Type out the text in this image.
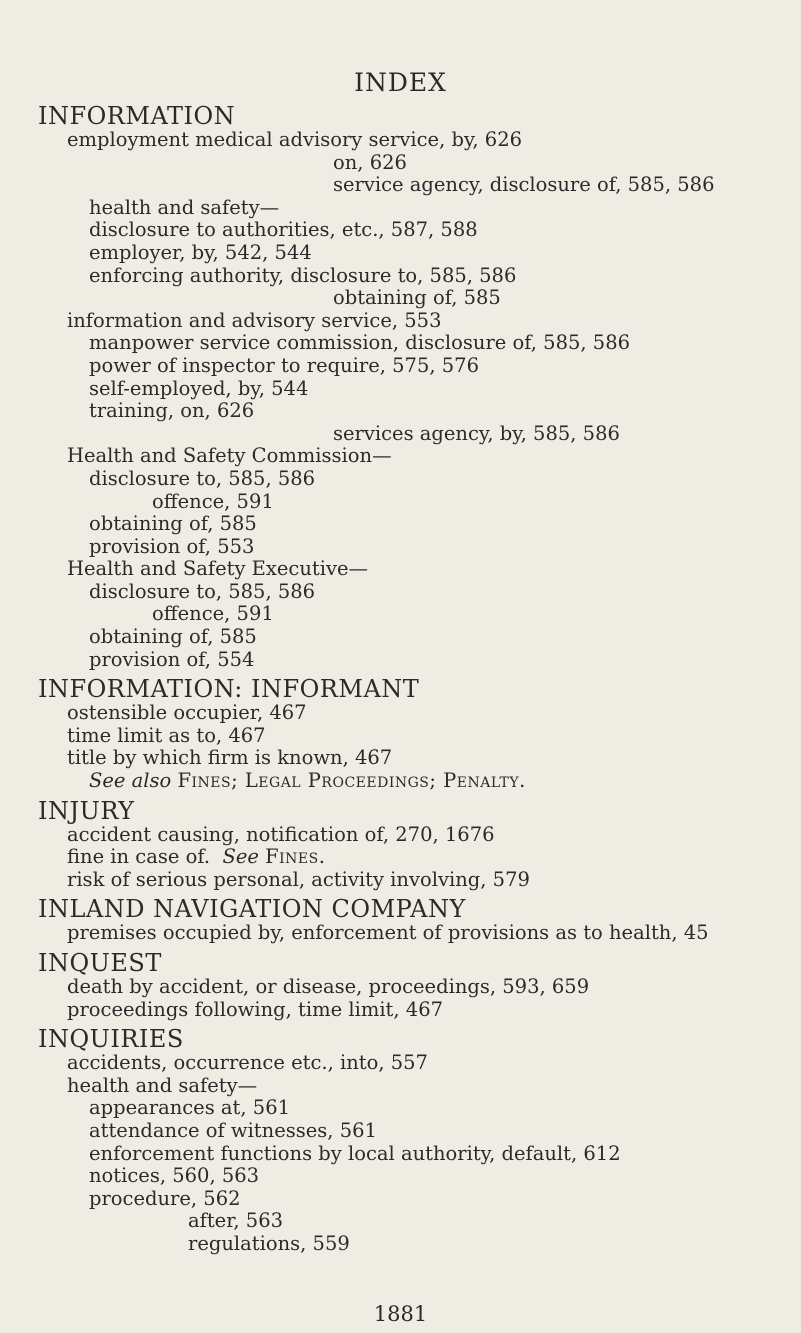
INDEX
INFORMATION
employment medical advisory service, by, 626
on, 626
service agency, disclosure of, 585, 586
health and safety—
disclosure to authorities, etc., 587, 588
employer, by, 542, 544
enforcing authority, disclosure to, 585, 586
obtaining of, 585
information and advisory service, 553
manpower service commission, disclosure of, 585, 586
power of inspector to require, 575, 576
self-employed, by, 544
training, on, 626
services agency, by, 585, 586
Health and Safety Commission—
disclosure to, 585, 586
offence, 591
obtaining of, 585
provision of, 553
Health and Safety Executive—
disclosure to, 585, 586
offence, 591
obtaining of, 585
provision of, 554
INFORMATION: INFORMANT
ostensible occupier, 467
time limit as to, 467
title by which firm is known, 467
See also Fines; Legal Proceedings; Penalty.
INJURY
accident causing, notification of, 270, 1676
fine in case of. See Fines.
risk of serious personal, activity involving, 579
INLAND NAVIGATION COMPANY
premises occupied by, enforcement of provisions as to health, 45
INQUEST
death by accident, or disease, proceedings, 593, 659
proceedings following, time limit, 467
INQUIRIES
accidents, occurrence etc., into, 557
health and safety—
appearances at, 561
attendance of witnesses, 561
enforcement functions by local authority, default, 612
notices, 560, 563
procedure, 562
after, 563
regulations, 559
1881
